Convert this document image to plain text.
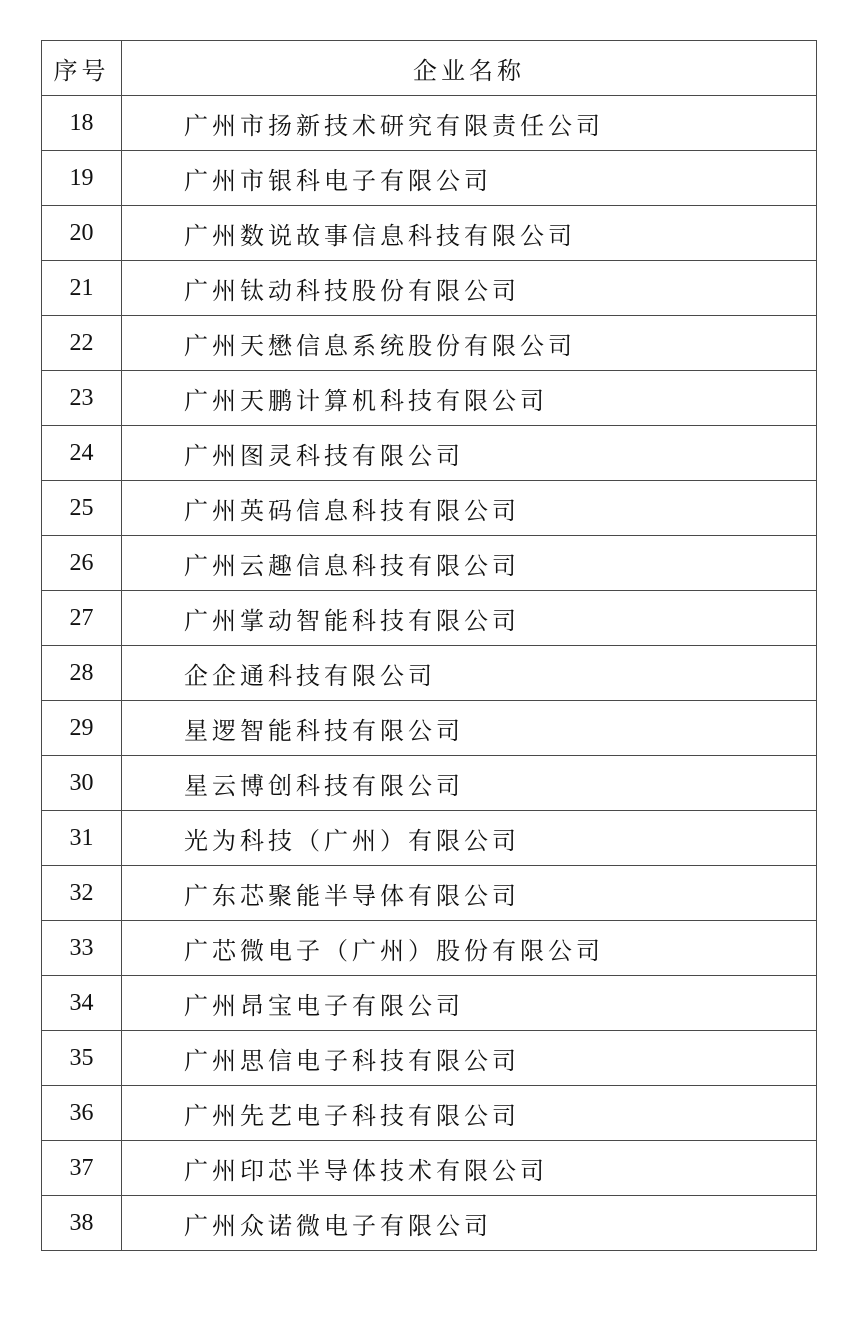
序号	企业名称
18	广州市扬新技术研究有限责任公司
19	广州市银科电子有限公司
20	广州数说故事信息科技有限公司
21	广州钛动科技股份有限公司
22	广州天懋信息系统股份有限公司
23	广州天鹏计算机科技有限公司
24	广州图灵科技有限公司
25	广州英码信息科技有限公司
26	广州云趣信息科技有限公司
27	广州掌动智能科技有限公司
28	企企通科技有限公司
29	星逻智能科技有限公司
30	星云博创科技有限公司
31	光为科技（广州）有限公司
32	广东芯聚能半导体有限公司
33	广芯微电子（广州）股份有限公司
34	广州昂宝电子有限公司
35	广州思信电子科技有限公司
36	广州先艺电子科技有限公司
37	广州印芯半导体技术有限公司
38	广州众诺微电子有限公司
